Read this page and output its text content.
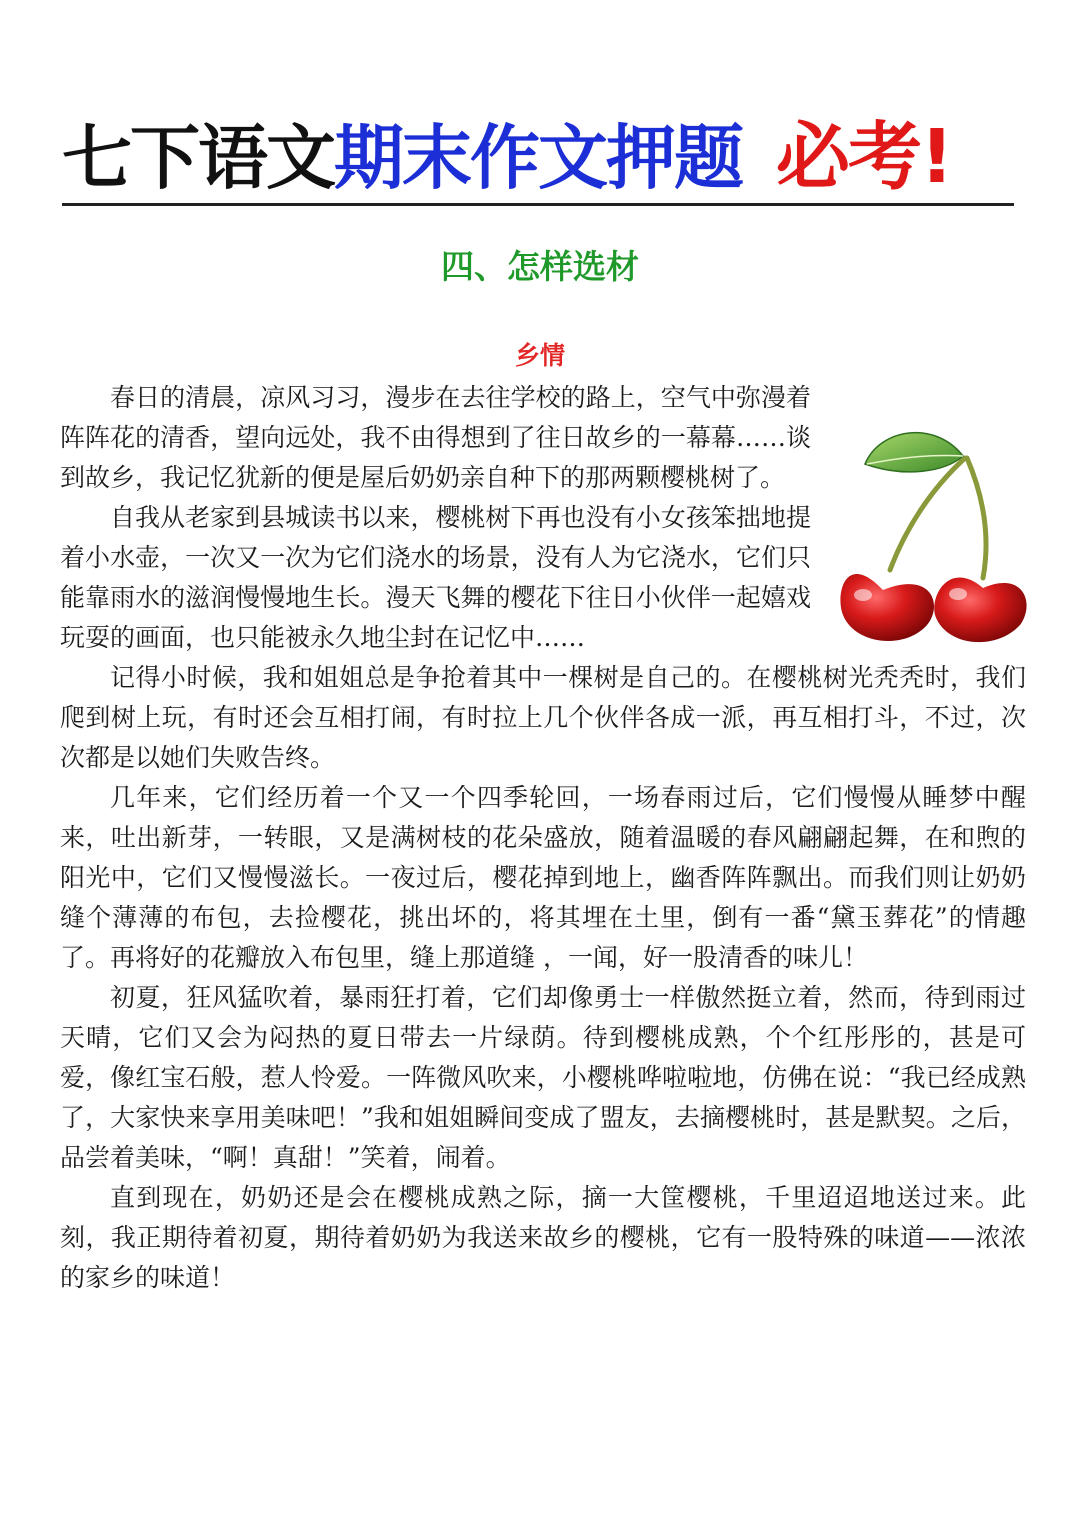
七下语文期末作文押题 必考!
四、怎样选材
乡情

春日的清晨，凉风习习，漫步在去往学校的路上，空气中弥漫着阵阵花的清香，望向远处，我不由得想到了往日故乡的一幕幕……谈到故乡，我记忆犹新的便是屋后奶奶亲自种下的那两颗樱桃树了。

自我从老家到县城读书以来，樱桃树下再也没有小女孩笨拙地提着小水壶，一次又一次为它们浇水的场景，没有人为它浇水，它们只能靠雨水的滋润慢慢地生长。漫天飞舞的樱花下往日小伙伴一起嬉戏玩耍的画面，也只能被永久地尘封在记忆中……

记得小时候，我和姐姐总是争抢着其中一棵树是自己的。在樱桃树光秃秃时，我们爬到树上玩，有时还会互相打闹，有时拉上几个伙伴各成一派，再互相打斗，不过，次次都是以她们失败告终。

几年来，它们经历着一个又一个四季轮回，一场春雨过后，它们慢慢从睡梦中醒来，吐出新芽，一转眼，又是满树枝的花朵盛放，随着温暖的春风翩翩起舞，在和煦的阳光中，它们又慢慢滋长。一夜过后，樱花掉到地上，幽香阵阵飘出。而我们则让奶奶缝个薄薄的布包，去捡樱花，挑出坏的，将其埋在土里，倒有一番“黛玉葬花”的情趣了。再将好的花瓣放入布包里，缝上那道缝 ，一闻，好一股清香的味儿！

初夏，狂风猛吹着，暴雨狂打着，它们却像勇士一样傲然挺立着，然而，待到雨过天晴，它们又会为闷热的夏日带去一片绿荫。待到樱桃成熟，个个红彤彤的，甚是可爱，像红宝石般，惹人怜爱。一阵微风吹来，小樱桃哗啦啦地，仿佛在说：“我已经成熟了，大家快来享用美味吧！”我和姐姐瞬间变成了盟友，去摘樱桃时，甚是默契。之后，品尝着美味，“啊！真甜！”笑着，闹着。

直到现在，奶奶还是会在樱桃成熟之际，摘一大筐樱桃，千里迢迢地送过来。此刻，我正期待着初夏，期待着奶奶为我送来故乡的樱桃，它有一股特殊的味道——浓浓的家乡的味道！
